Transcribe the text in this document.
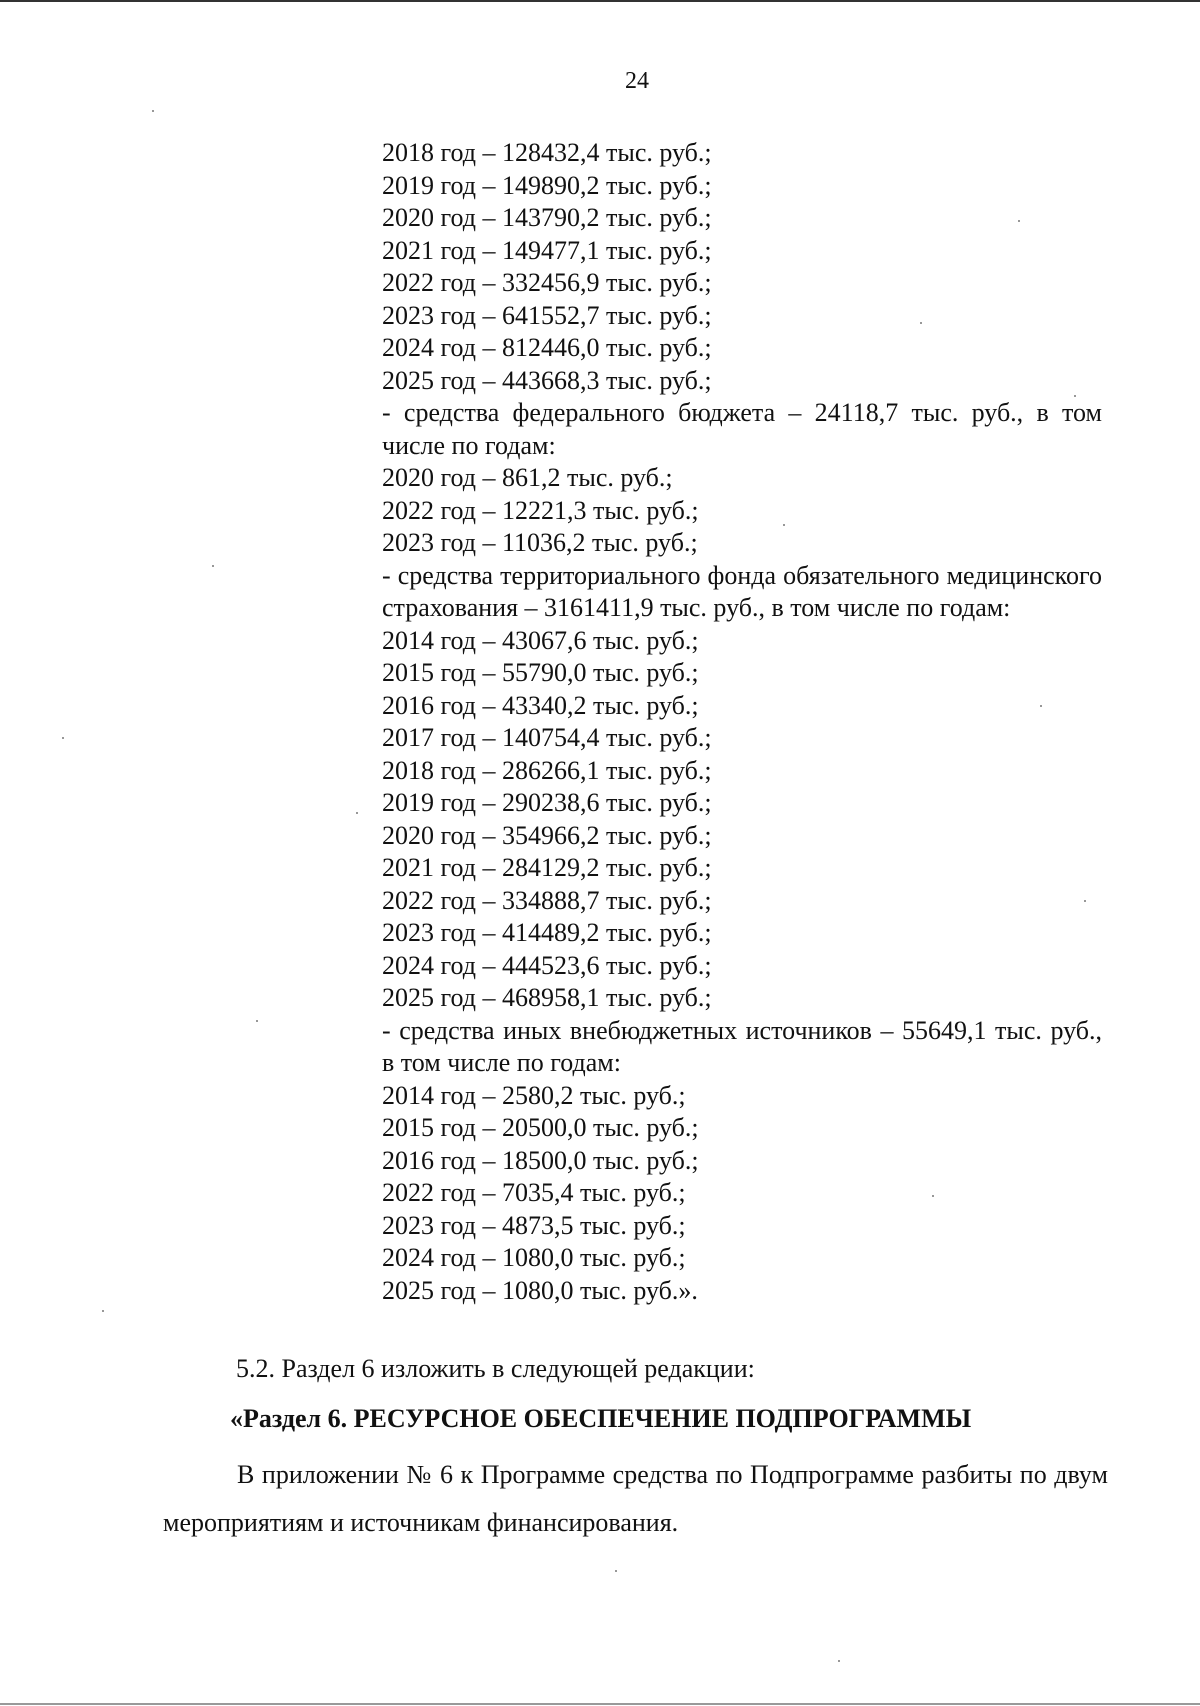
24
2018 год – 128432,4 тыс. руб.;
2019 год – 149890,2 тыс. руб.;
2020 год – 143790,2 тыс. руб.;
2021 год – 149477,1 тыс. руб.;
2022 год – 332456,9 тыс. руб.;
2023 год – 641552,7 тыс. руб.;
2024 год – 812446,0 тыс. руб.;
2025 год – 443668,3 тыс. руб.;
- средства федерального бюджета – 24118,7 тыс. руб., в том числе по годам:
2020 год – 861,2 тыс. руб.;
2022 год – 12221,3 тыс. руб.;
2023 год – 11036,2 тыс. руб.;
- средства территориального фонда обязательного медицинского страхования – 3161411,9 тыс. руб., в том числе по годам:
2014 год – 43067,6 тыс. руб.;
2015 год – 55790,0 тыс. руб.;
2016 год – 43340,2 тыс. руб.;
2017 год – 140754,4 тыс. руб.;
2018 год – 286266,1 тыс. руб.;
2019 год – 290238,6 тыс. руб.;
2020 год – 354966,2 тыс. руб.;
2021 год – 284129,2 тыс. руб.;
2022 год – 334888,7 тыс. руб.;
2023 год – 414489,2 тыс. руб.;
2024 год – 444523,6 тыс. руб.;
2025 год – 468958,1 тыс. руб.;
- средства иных внебюджетных источников – 55649,1 тыс. руб., в том числе по годам:
2014 год – 2580,2 тыс. руб.;
2015 год – 20500,0 тыс. руб.;
2016 год – 18500,0 тыс. руб.;
2022 год – 7035,4 тыс. руб.;
2023 год – 4873,5 тыс. руб.;
2024 год – 1080,0 тыс. руб.;
2025 год – 1080,0 тыс. руб.».
5.2. Раздел 6 изложить в следующей редакции:
«Раздел 6. РЕСУРСНОЕ ОБЕСПЕЧЕНИЕ ПОДПРОГРАММЫ
В приложении № 6 к Программе средства по Подпрограмме разбиты по двум мероприятиям и источникам финансирования.
